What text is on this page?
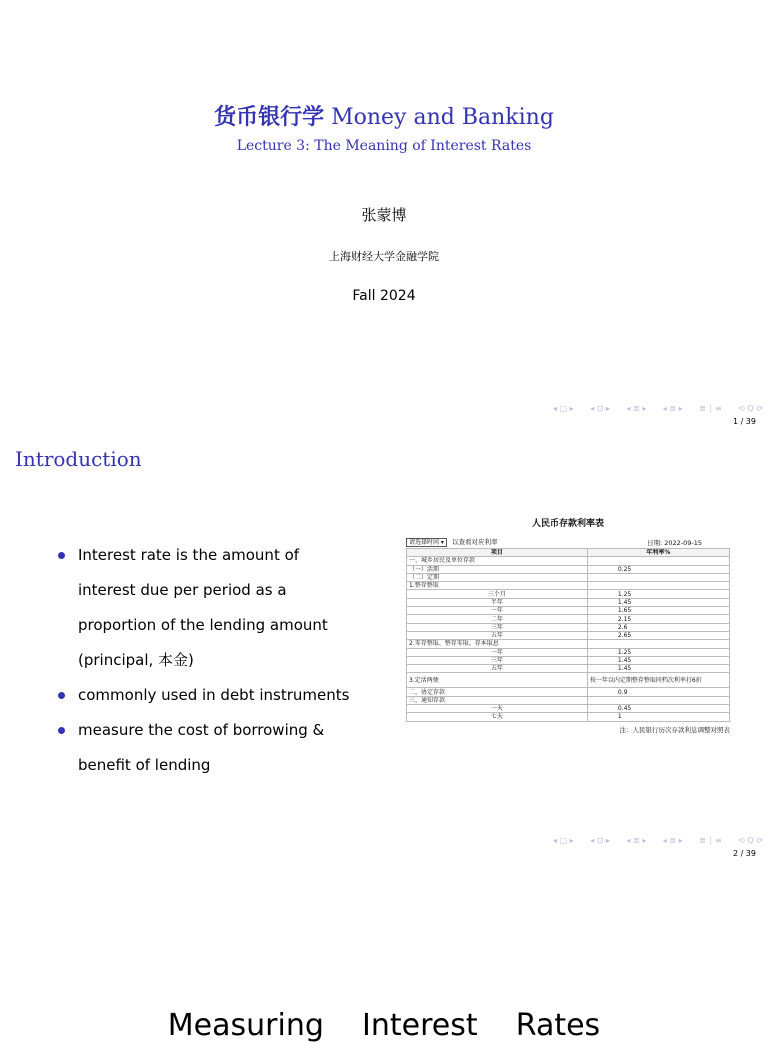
货币银行学 Money and Banking
Lecture 3: The Meaning of Interest Rates
张蒙博
上海财经大学金融学院
Fall 2024
◂ □ ▸ ◂ ⊡ ▸ ◂ ≣ ▸ ◂ ≣ ▸ ≣ ∣ ≡ ⟲ Q ⟳
1 / 39
Introduction
Interest rate is the amount of
interest due per period as a
proportion of the lending amount
(principal, 本金)
commonly used in debt instruments
measure the cost of borrowing &
benefit of lending
人民币存款利率表
请选择时间 ▾ 以查看对应利率	日期: 2022-09-15
项目	年利率%
一、城乡居民及单位存款	
（一）活期	0.25
（二）定期	
1.整存整取	
三个月	1.25
半年	1.45
一年	1.65
二年	2.15
三年	2.6
五年	2.65
2.零存整取、整存零取、存本取息	
一年	1.25
三年	1.45
五年	1.45
3.定活两便	按一年以内定期整存整取同档次利率打6折
二、协定存款	0.9
三、通知存款	
一天	0.45
七天	1
注：人民银行历次存款利息调整对照表
◂ □ ▸ ◂ ⊡ ▸ ◂ ≣ ▸ ◂ ≣ ▸ ≣ ∣ ≡ ⟲ Q ⟳
2 / 39
Measuring    Interest    Rates
